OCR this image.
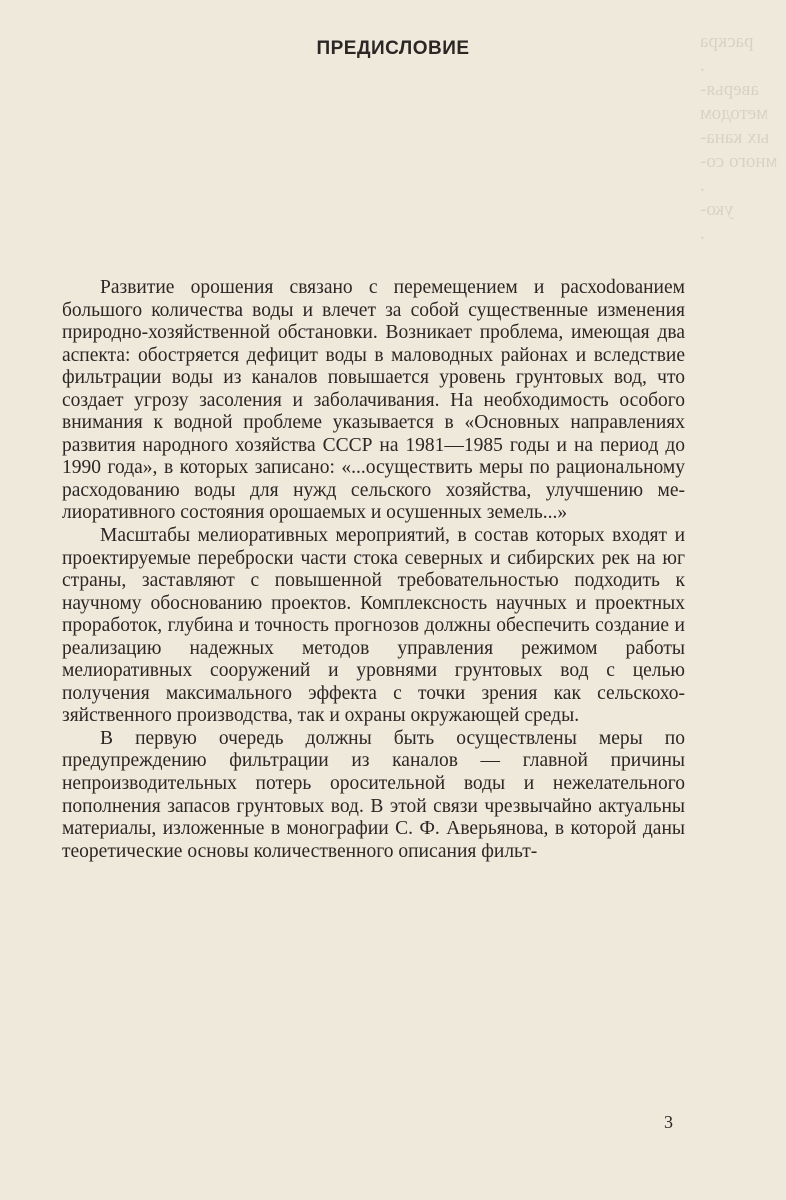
раскра
.
аверья-
методом
ых кана-
много со-
.
уко-
.

ПРЕДИСЛОВИЕ

Развитие орошения связано с перемещением и расхоdованием большого количества воды и влечет за собой существенные изменения природно-хозяйственной обстановки. Возникает проблема, имеющая два аспекта: обостряется дефицит воды в маловодных районах и вследствие фильтрации воды из каналов повышается уровень грунтовых вод, что создает угрозу засоления и заболачивания. На необходимость особого внимания к водной проблеме указывается в «Основных направлениях развития народного хозяйства СССР на 1981—1985 годы и на период до 1990 года», в которых записано: «...осуществить меры по рациональному расходованию воды для нужд сельского хозяйства, улучшению мелиоративного состояния орошаемых и осушенных земель...»

Масштабы мелиоративных мероприятий, в состав которых входят и проектируемые переброски части стока северных и сибирских рек на юг страны, заставляют с повышенной требовательностью подходить к научному обоснованию проектов. Комплексность научных и проектных проработок, глубина и точность прогнозов должны обеспечить создание и реализацию надежных методов управления режимом работы мелиоративных сооружений и уровнями грунтовых вод с целью получения максимального эффекта с точки зрения как сельскохозяйственного производства, так и охраны окружающей среды.

В первую очередь должны быть осуществлены меры по предупреждению фильтрации из каналов — главной причины непроизводительных потерь оросительной воды и нежелательного пополнения запасов грунтовых вод. В этой связи чрезвычайно актуальны материалы, изложенные в монографии С. Ф. Аверьянова, в которой даны теоретические основы количественного описания фильт-

3
